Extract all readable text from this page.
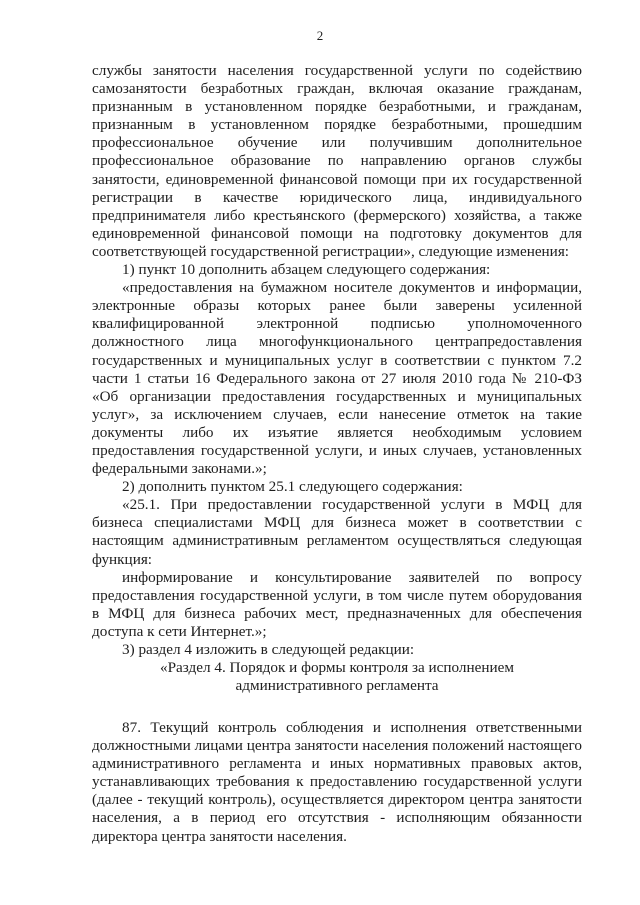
2

службы занятости населения государственной услуги по содействию самозанятости безработных граждан, включая оказание гражданам, признанным в установленном порядке безработными, и гражданам, признанным в установленном порядке безработными, прошедшим профессиональное обучение или получившим дополнительное профессиональное образование по направлению органов службы занятости, единовременной финансовой помощи при их государственной регистрации в качестве юридического лица, индивидуального предпринимателя либо крестьянского (фермерского) хозяйства, а также единовременной финансовой помощи на подготовку документов для соответствующей государственной регистрации», следующие изменения:

1) пункт 10 дополнить абзацем следующего содержания:

«предоставления на бумажном носителе документов и информации, электронные образы которых ранее были заверены усиленной квалифицированной электронной подписью уполномоченного должностного лица многофункционального центрапредоставления государственных и муниципальных услуг в соответствии с пунктом 7.2 части 1 статьи 16 Федерального закона от 27 июля 2010 года № 210-ФЗ «Об организации предоставления государственных и муниципальных услуг», за исключением случаев, если нанесение отметок на такие документы либо их изъятие является необходимым условием предоставления государственной услуги, и иных случаев, установленных федеральными законами.»;

2) дополнить пунктом 25.1 следующего содержания:

«25.1. При предоставлении государственной услуги в МФЦ для бизнеса специалистами МФЦ для бизнеса может в соответствии с настоящим административным регламентом осуществляться следующая функция:

информирование и консультирование заявителей по вопросу предоставления государственной услуги, в том числе путем оборудования в МФЦ для бизнеса рабочих мест, предназначенных для обеспечения доступа к сети Интернет.»;

3) раздел 4 изложить в следующей редакции:

«Раздел 4. Порядок и формы контроля за исполнением

административного регламента

87. Текущий контроль соблюдения и исполнения ответственными должностными лицами центра занятости населения положений настоящего административного регламента и иных нормативных правовых актов, устанавливающих требования к предоставлению государственной услуги (далее - текущий контроль), осуществляется директором центра занятости населения, а в период его отсутствия - исполняющим обязанности директора центра занятости населения.
